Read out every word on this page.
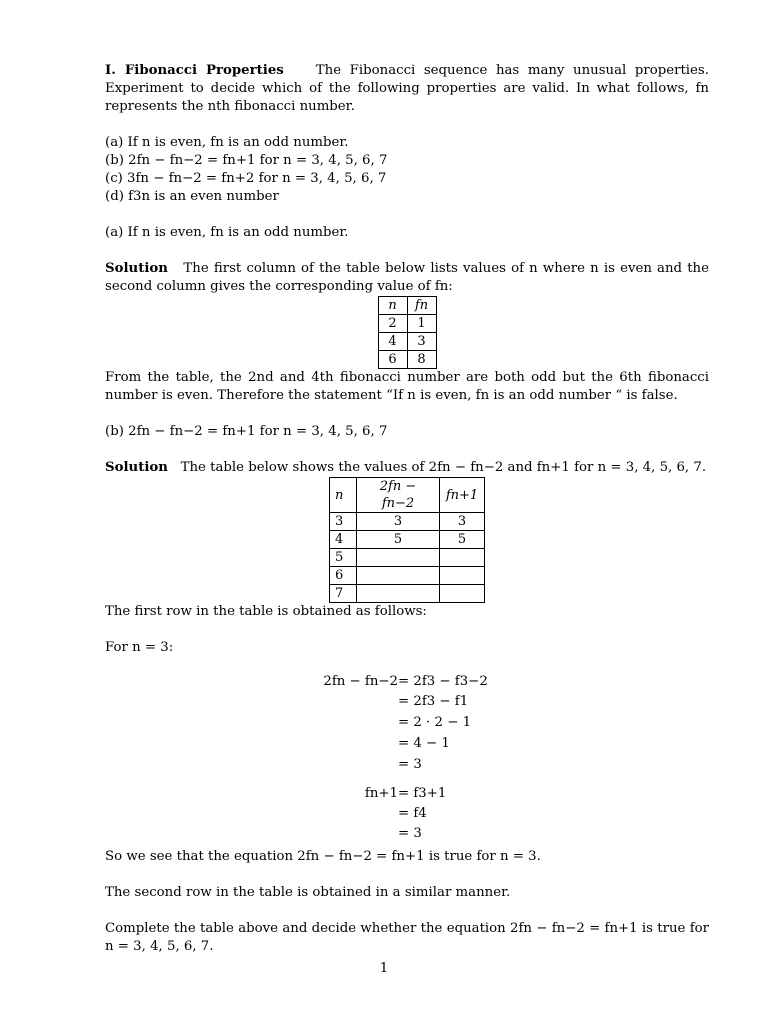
I. Fibonacci Properties The Fibonacci sequence has many unusual properties. Experiment to decide which of the following properties are valid. In what follows, fn represents the nth fibonacci number.

(a) If n is even, fn is an odd number.
(b) 2fn − fn−2 = fn+1 for n = 3, 4, 5, 6, 7
(c) 3fn − fn−2 = fn+2 for n = 3, 4, 5, 6, 7
(d) f3n is an even number
(a) If n is even, fn is an odd number.

Solution The first column of the table below lists values of n where n is even and the second column gives the corresponding value of fn:

n	fn
2	1
4	3
6	8

From the table, the 2nd and 4th fibonacci number are both odd but the 6th fibonacci number is even. Therefore the statement “If n is even, fn is an odd number “ is false.

(b) 2fn − fn−2 = fn+1 for n = 3, 4, 5, 6, 7

Solution The table below shows the values of 2fn − fn−2 and fn+1 for n = 3, 4, 5, 6, 7.

n	2fn − fn−2	fn+1
3	3	3
4	5	5
5		
6		
7		
The first row in the table is obtained as follows:
For n = 3:
2fn − fn−2 = 2f3 − f3−2
= 2f3 − f1
= 2 · 2 − 1
= 4 − 1
= 3
fn+1 = f3+1
= f4
= 3
So we see that the equation 2fn − fn−2 = fn+1 is true for n = 3.
The second row in the table is obtained in a similar manner.

Complete the table above and decide whether the equation 2fn − fn−2 = fn+1 is true for n = 3, 4, 5, 6, 7.

1
